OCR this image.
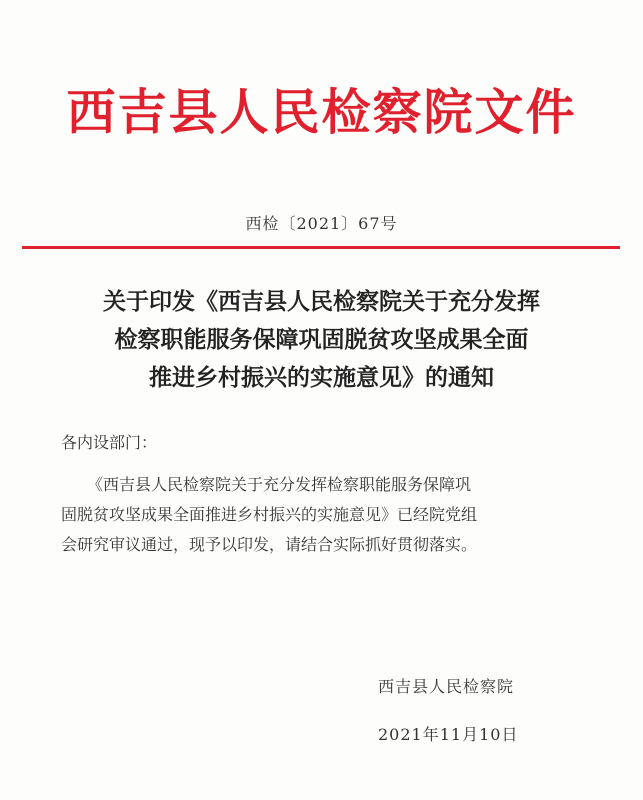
西吉县人民检察院文件
西检〔2021〕67号
关于印发《西吉县人民检察院关于充分发挥
检察职能服务保障巩固脱贫攻坚成果全面
推进乡村振兴的实施意见》的通知
各内设部门：
《西吉县人民检察院关于充分发挥检察职能服务保障巩
固脱贫攻坚成果全面推进乡村振兴的实施意见》已经院党组
会研究审议通过，现予以印发，请结合实际抓好贯彻落实。
西吉县人民检察院
2021年11月10日
